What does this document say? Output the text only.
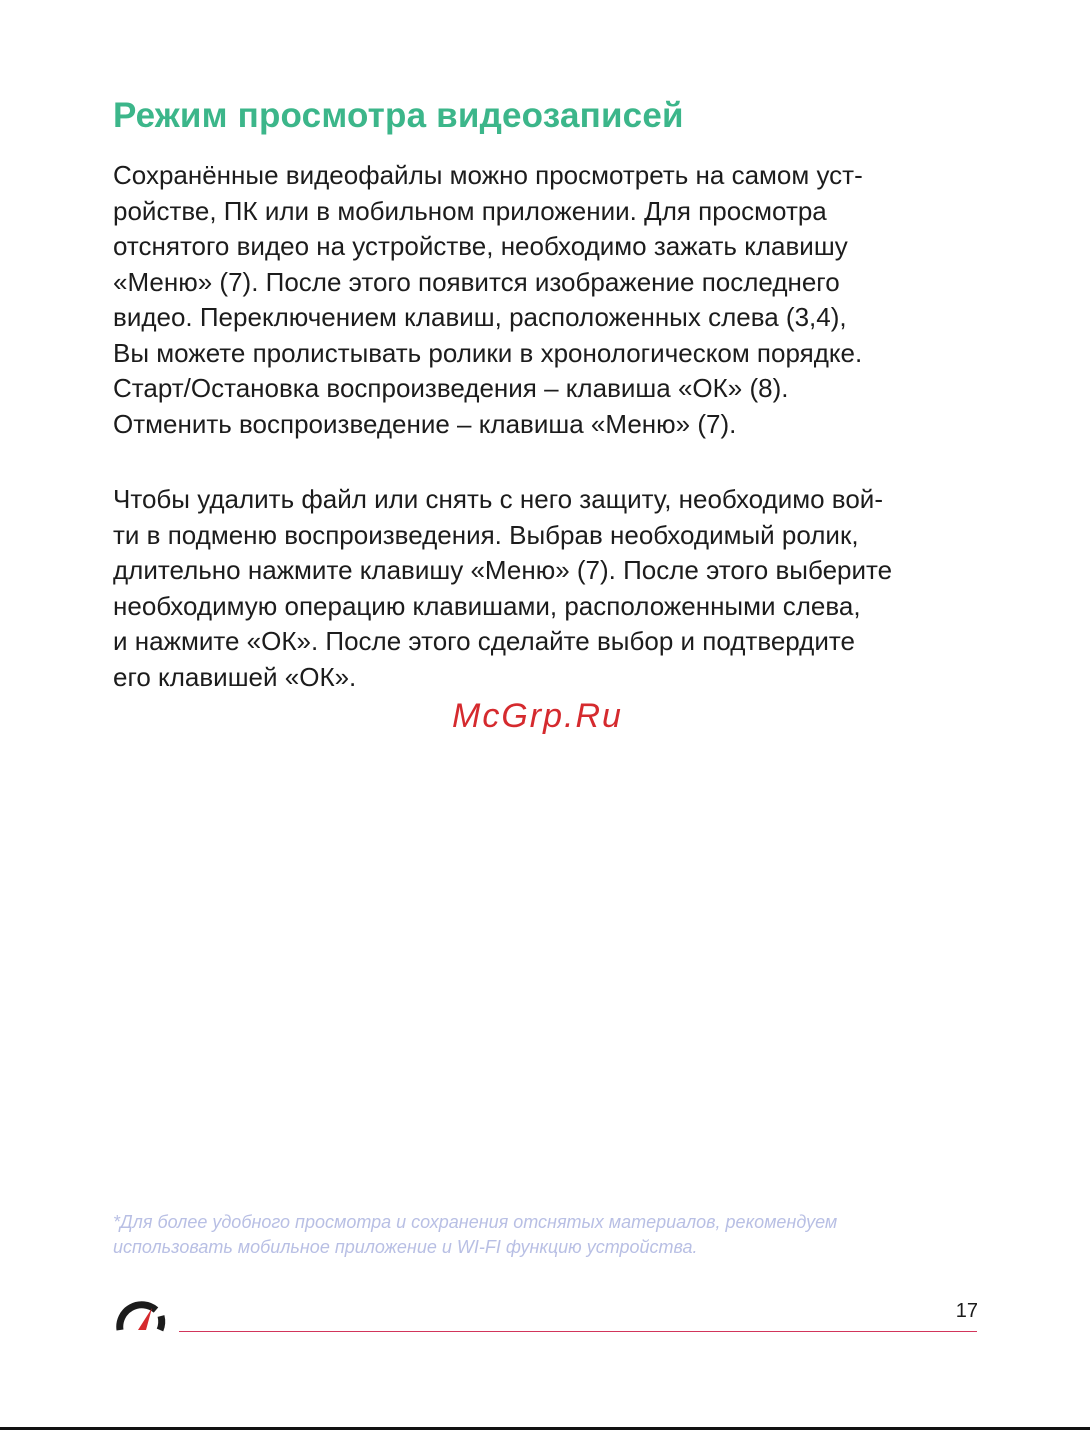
Режим просмотра видеозаписей

Сохранённые видеофайлы можно просмотреть на самом уст-
ройстве, ПК или в мобильном приложении. Для просмотра
отснятого видео на устройстве, необходимо зажать клавишу
«Меню» (7). После этого появится изображение последнего
видео. Переключением клавиш, расположенных слева (3,4),
Вы можете пролистывать ролики в хронологическом порядке.
Старт/Остановка воспроизведения – клавиша «ОК» (8).
Отменить воспроизведение – клавиша «Меню» (7).

Чтобы удалить файл или снять с него защиту, необходимо вой-
ти в подменю воспроизведения. Выбрав необходимый ролик,
длительно нажмите клавишу «Меню» (7). После этого выберите
необходимую операцию клавишами, расположенными слева,
и нажмите «ОК». После этого сделайте выбор и подтвердите
его клавишей «ОК».

McGrp.Ru

*Для более удобного просмотра и сохранения отснятых материалов, рекомендуем
использовать мобильное приложение и WI-FI функцию устройства.

17
